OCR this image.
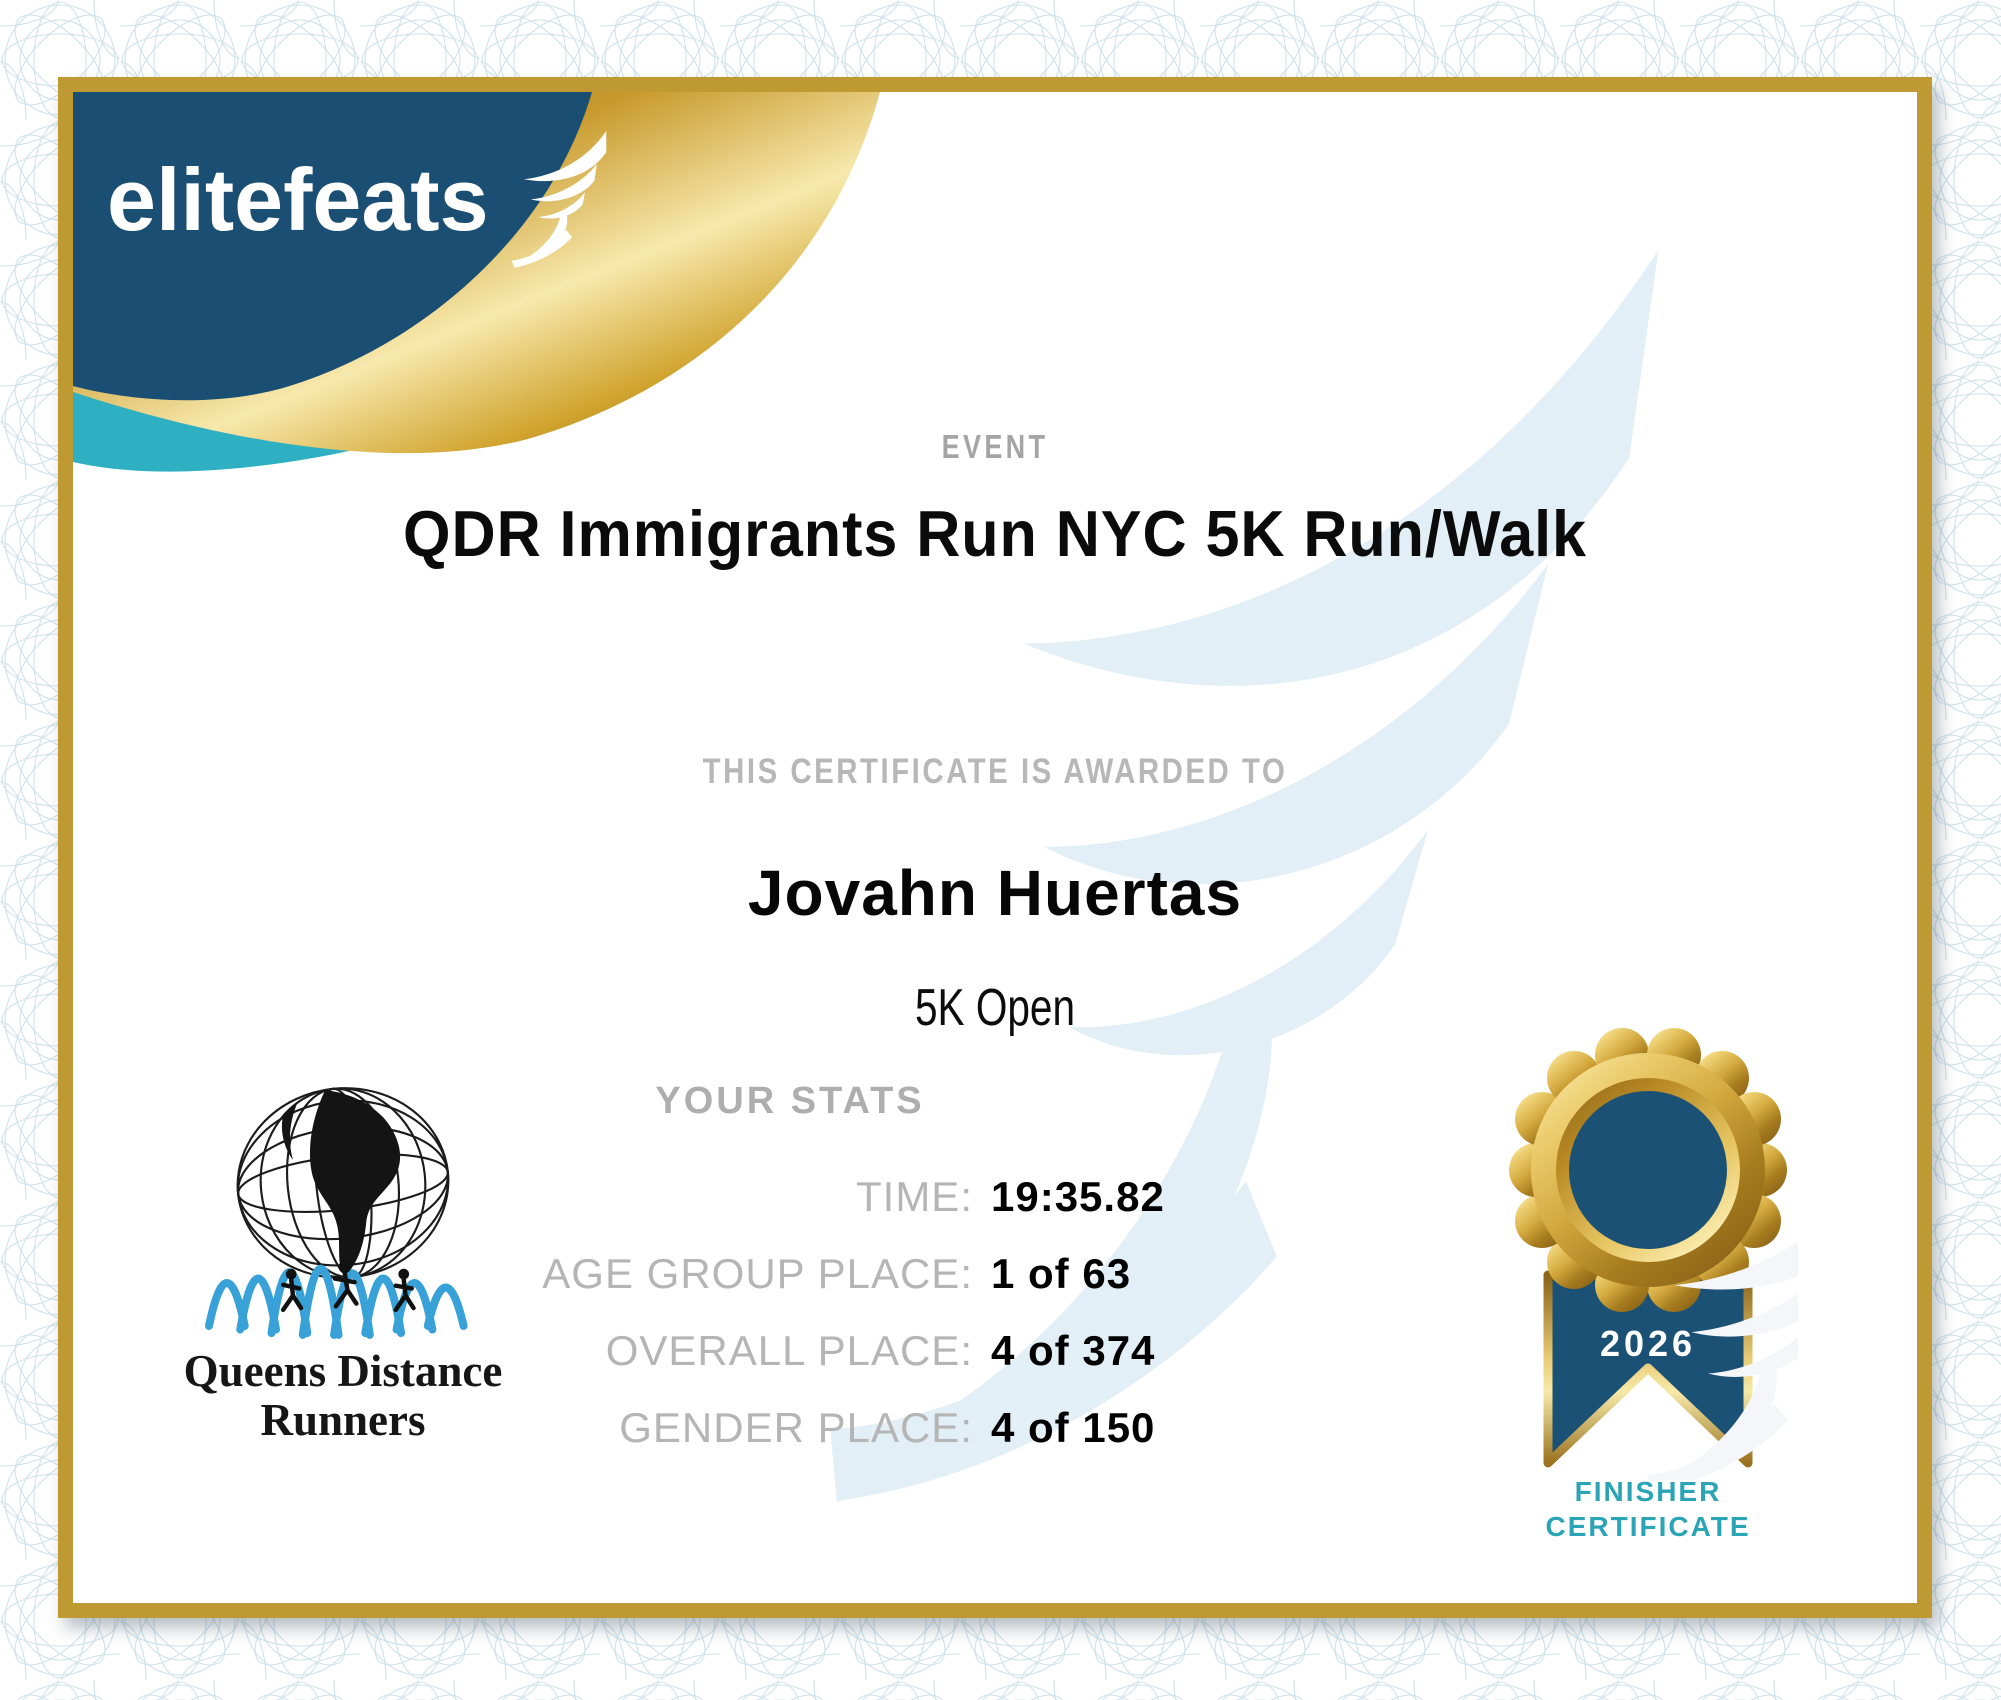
elitefeats
EVENT
QDR Immigrants Run NYC 5K Run/Walk
THIS CERTIFICATE IS AWARDED TO
Jovahn Huertas
5K Open
YOUR STATS
TIME: 19:35.82
AGE GROUP PLACE: 1 of 63
OVERALL PLACE: 4 of 374
GENDER PLACE: 4 of 150
Queens Distance
Runners
2026
FINISHER
CERTIFICATE
